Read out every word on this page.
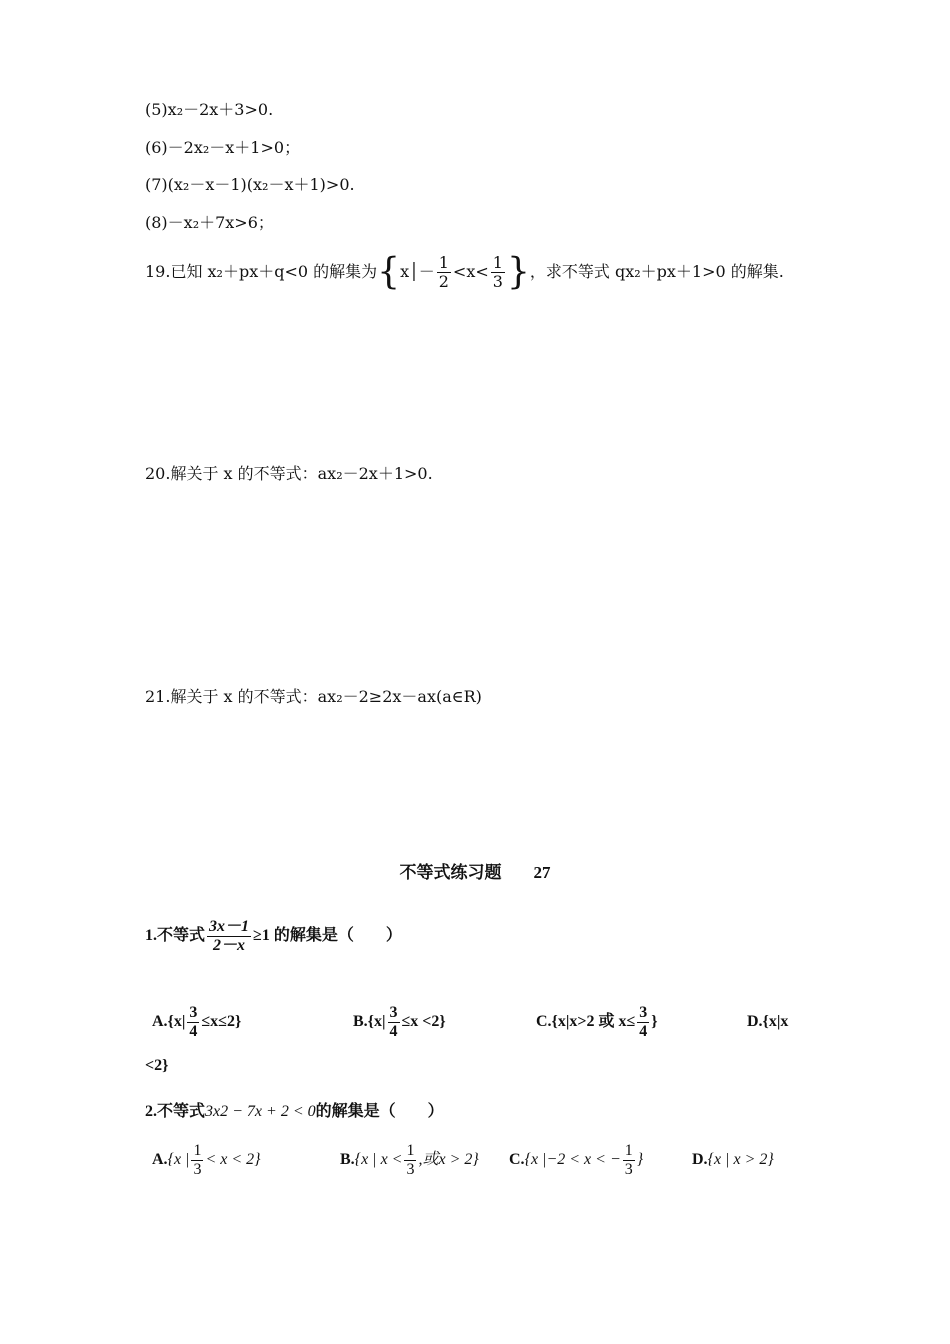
(5)x₂－2x＋3>0.
(6)－2x₂－x＋1>0；
(7)(x₂－x－1)(x₂－x＋1)>0.
(8)－x₂＋7x>6；
19.已知 x₂＋px＋q<0 的解集为{x│－ $\frac{1}{2} <x< \frac{1}{3}$ }，求不等式 qx₂＋px＋1>0 的解集.
20.解关于 x 的不等式：ax₂－2x＋1>0.
21.解关于 x 的不等式：ax₂－2≥2x－ax(a∈R)
不等式练习题 27
1.不等式 $\frac{3x-1}{2-x} \ge 1$ 的解集是（　　）
$A.\{x| \frac{3}{4} \le x\le 2\}$	$B.\{x| \frac{3}{4} \le x <2\}$	C.{x|x>2 或 $x\le \frac{3}{4}$ }	D.{x|x
<2}
2.不等式3x2 − 7x + 2 < 0的解集是（　　）
A.{x | $\frac{1}{3} < x < 2$}	B.{x | $x < \frac{1}{3}$ ,或x > 2} C.{x |−2 < x < − $\frac{1}{3}$ }	D.{x | x > 2}
